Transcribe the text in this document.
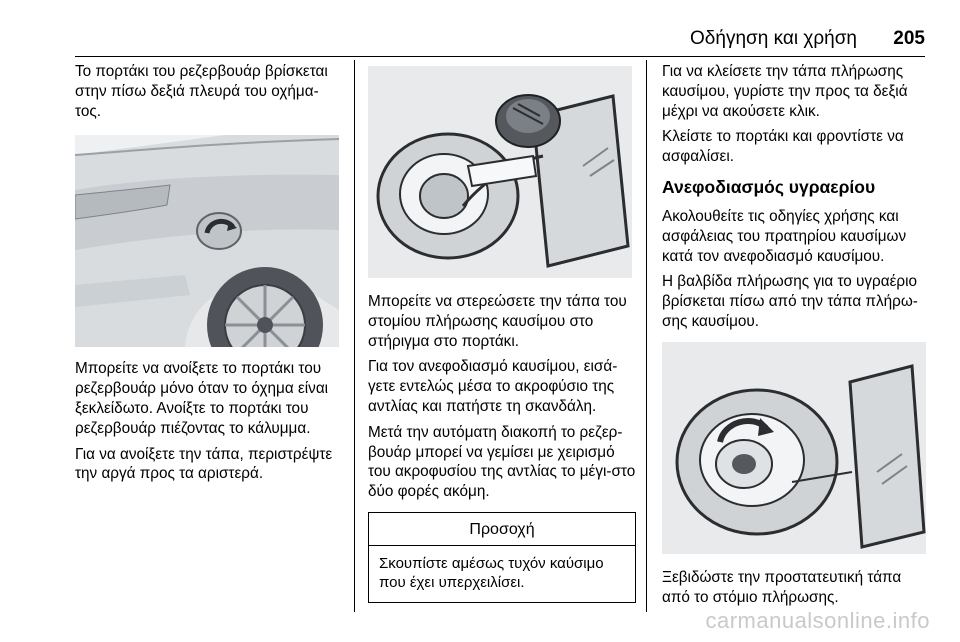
Οδήγηση και χρήση 205

Το πορτάκι του ρεζερβουάρ βρίσκεται στην πίσω δεξιά πλευρά του οχήμα-τος.

Μπορείτε να ανοίξετε το πορτάκι του ρεζερβουάρ μόνο όταν το όχημα είναι ξεκλείδωτο. Ανοίξτε το πορτάκι του ρεζερβουάρ πιέζοντας το κάλυμμα.

Για να ανοίξετε την τάπα, περιστρέψτε την αργά προς τα αριστερά.

Μπορείτε να στερεώσετε την τάπα του στομίου πλήρωσης καυσίμου στο στήριγμα στο πορτάκι.

Για τον ανεφοδιασμό καυσίμου, εισά-γετε εντελώς μέσα το ακροφύσιο της αντλίας και πατήστε τη σκανδάλη.

Μετά την αυτόματη διακοπή το ρεζερ-βουάρ μπορεί να γεμίσει με χειρισμό του ακροφυσίου της αντλίας το μέγι-στο δύο φορές ακόμη.

Προσοχή
Σκουπίστε αμέσως τυχόν καύσιμο που έχει υπερχειλίσει.

Για να κλείσετε την τάπα πλήρωσης καυσίμου, γυρίστε την προς τα δεξιά μέχρι να ακούσετε κλικ.

Κλείστε το πορτάκι και φροντίστε να ασφαλίσει.

Ανεφοδιασμός υγραερίου

Ακολουθείτε τις οδηγίες χρήσης και ασφάλειας του πρατηρίου καυσίμων κατά τον ανεφοδιασμό καυσίμου.

Η βαλβίδα πλήρωσης για το υγραέριο βρίσκεται πίσω από την τάπα πλήρω-σης καυσίμου.

Ξεβιδώστε την προστατευτική τάπα από το στόμιο πλήρωσης.

carmanualsonline.info
